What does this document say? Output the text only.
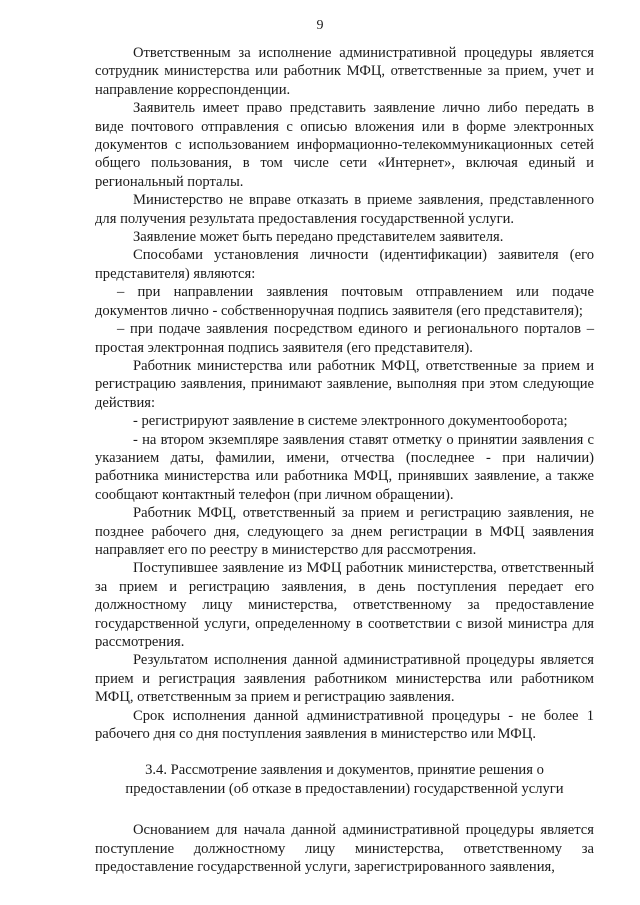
9

Ответственным за исполнение административной процедуры является сотрудник министерства или работник МФЦ, ответственные за прием, учет и направление корреспонденции.

Заявитель имеет право представить заявление лично либо передать в виде почтового отправления с описью вложения или в форме электронных документов с использованием информационно-телекоммуникационных сетей общего пользования, в том числе сети «Интернет», включая единый и региональный порталы.

Министерство не вправе отказать в приеме заявления, представленного для получения результата предоставления государственной услуги.

Заявление может быть передано представителем заявителя.

Способами установления личности (идентификации) заявителя (его представителя) являются:

– при направлении заявления почтовым отправлением или подаче документов лично - собственноручная подпись заявителя (его представителя);

– при подаче заявления посредством единого и регионального порталов – простая электронная подпись заявителя (его представителя).

Работник министерства или работник МФЦ, ответственные за прием и регистрацию заявления, принимают заявление, выполняя при этом следующие действия:

- регистрируют заявление в системе электронного документооборота;

- на втором экземпляре заявления ставят отметку о принятии заявления с указанием даты, фамилии, имени, отчества (последнее - при наличии) работника министерства или работника МФЦ, принявших заявление, а также сообщают контактный телефон (при личном обращении).

Работник МФЦ, ответственный за прием и регистрацию заявления, не позднее рабочего дня, следующего за днем регистрации в МФЦ заявления направляет его по реестру в министерство для рассмотрения.

Поступившее заявление из МФЦ работник министерства, ответственный за прием и регистрацию заявления, в день поступления передает его должностному лицу министерства, ответственному за предоставление государственной услуги, определенному в соответствии с визой министра для рассмотрения.

Результатом исполнения данной административной процедуры является прием и регистрация заявления работником министерства или работником МФЦ, ответственным за прием и регистрацию заявления.

Срок исполнения данной административной процедуры - не более 1 рабочего дня со дня поступления заявления в министерство или МФЦ.

3.4. Рассмотрение заявления и документов, принятие решения о
предоставлении (об отказе в предоставлении) государственной услуги

Основанием для начала данной административной процедуры является поступление должностному лицу министерства, ответственному за предоставление государственной услуги, зарегистрированного заявления,
